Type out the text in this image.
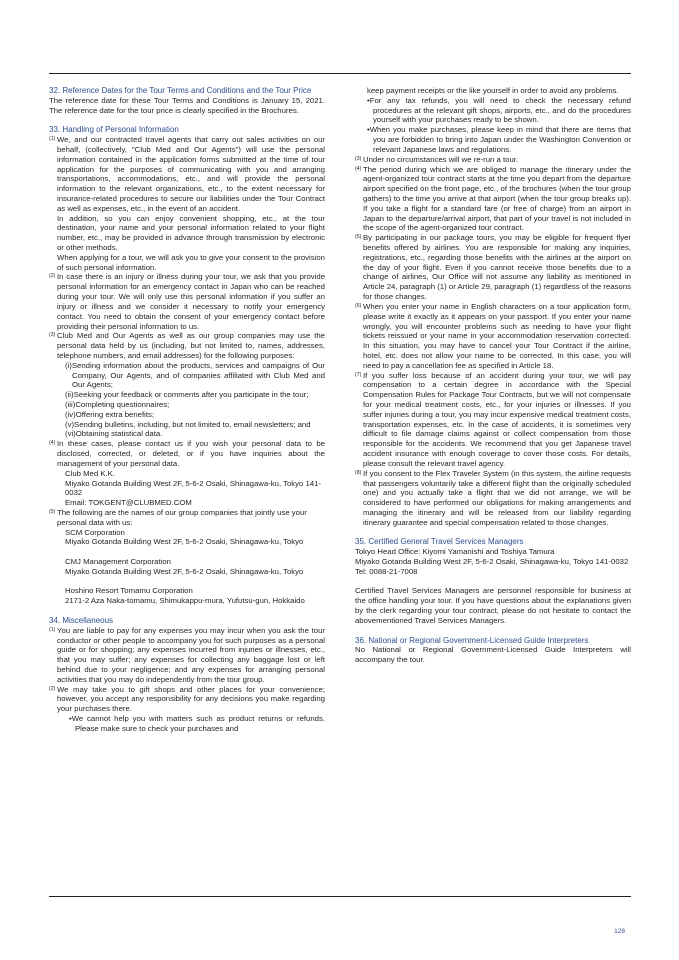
32. Reference Dates for the Tour Terms and Conditions and the Tour Price

The reference date for these Tour Terms and Conditions is January 15, 2021. The reference date for the tour price is clearly specified in the Brochures.

33. Handling of Personal Information
(1) We, and our contracted travel agents that carry out sales activities on our behalf, (collectively, "Club Med and Our Agents") will use the personal information contained in the application forms submitted at the time of tour application for the purposes of communicating with you and arranging transportations, accommodations, etc., and will provide the personal information to the relevant organizations, etc., to the extent necessary for insurance-related procedures to secure our liabilities under the Tour Contract as well as expenses, etc., in the event of an accident.

In addition, so you can enjoy convenient shopping, etc., at the tour destination, your name and your personal information related to your flight number, etc., may be provided in advance through transmission by electronic or other methods.

When applying for a tour, we will ask you to give your consent to the provision of such personal information.

(2) In case there is an injury or illness during your tour, we ask that you provide personal information for an emergency contact in Japan who can be reached during your tour. We will only use this personal information if you suffer an injury or illness and we consider it necessary to notify your emergency contact. You need to obtain the consent of your emergency contact before providing their personal information to us.

(3) Club Med and Our Agents as well as our group companies may use the personal data held by us (including, but not limited to, names, addresses, telephone numbers, and email addresses) for the following purposes:

(i)Sending information about the products, services and campaigns of Our Company, Our Agents, and of companies affiliated with Club Med and Our Agents;
(ii)Seeking your feedback or comments after you participate in the tour;
(iii)Completing questionnaires;
(iv)Offering extra benefits;
(v)Sending bulletins, including, but not limited to, email newsletters; and
(vi)Obtaining statistical data.
(4) In these cases, please contact us if you wish your personal data to be disclosed, corrected, or deleted, or if you have inquiries about the management of your personal data.

Club Med K.K.
Miyako Gotanda Building West 2F, 5-6-2 Osaki, Shinagawa-ku, Tokyo 141-0032
Email: TOKGENT@CLUBMED.COM
(5) The following are the names of our group companies that jointly use your personal data with us:

SCM Corporation
Miyako Gotanda Building West 2F, 5-6-2 Osaki, Shinagawa-ku, Tokyo
CMJ Management Corporation
Miyako Gotanda Building West 2F, 5-6-2 Osaki, Shinagawa-ku, Tokyo
Hoshino Resort Tomamu Corporation
2171-2 Aza Naka-tomamu, Shimukappu-mura, Yufutsu-gun, Hokkaido
34. Miscellaneous
(1) You are liable to pay for any expenses you may incur when you ask the tour conductor or other people to accompany you for such purposes as a personal guide or for shopping; any expenses incurred from injuries or illnesses, etc., that you may suffer; any expenses for collecting any baggage lost or left behind due to your negligence; and any expenses for arranging personal activities that you may do independently from the tour group.

(2) We may take you to gift shops and other places for your convenience; however, you accept any responsibility for any decisions you make regarding your purchases there.

•We cannot help you with matters such as product returns or refunds. Please make sure to check your purchases and
keep payment receipts or the like yourself in order to avoid any problems.
•For any tax refunds, you will need to check the necessary refund procedures at the relevant gift shops, airports, etc., and do the procedures yourself with your purchases ready to be shown.
•When you make purchases, please keep in mind that there are items that you are forbidden to bring into Japan under the Washington Convention or relevant Japanese laws and regulations.
(3) Under no circumstances will we re-run a tour.

(4) The period during which we are obliged to manage the itinerary under the agent-organized tour contract starts at the time you depart from the departure airport specified on the front page, etc., of the brochures (when the tour group gathers) to the time you arrive at that airport (when the tour group breaks up). If you take a flight for a standard fare (or free of charge) from an airport in Japan to the departure/arrival airport, that part of your travel is not included in the scope of the agent-organized tour contract.

(5) By participating in our package tours, you may be eligible for frequent flyer benefits offered by airlines. You are responsible for making any inquiries, registrations, etc., regarding those benefits with the airlines at the airport on the day of your flight. Even if you cannot receive those benefits due to a change of airlines, Our Office will not assume any liability as mentioned in Article 24, paragraph (1) or Article 29, paragraph (1) regardless of the reasons for those changes.

(6) When you enter your name in English characters on a tour application form, please write it exactly as it appears on your passport. If you enter your name wrongly, you will encounter problems such as needing to have your flight tickets reissued or your name in your accommodation reservation corrected. In this situation, you may have to cancel your Tour Contract if the airline, hotel, etc. does not allow your name to be corrected. In this case, you will need to pay a cancellation fee as specified in Article 18.

(7) If you suffer loss because of an accident during your tour, we will pay compensation to a certain degree in accordance with the Special Compensation Rules for Package Tour Contracts, but we will not compensate for your medical treatment costs, etc., for your injuries or illnesses. If you suffer injuries during a tour, you may incur expensive medical treatment costs, transportation expenses, etc. In the case of accidents, it is sometimes very difficult to file damage claims against or collect compensation from those responsible for the accidents. We recommend that you get Japanese travel accident insurance with enough coverage to cover those costs. For details, please consult the relevant travel agency.

(8) If you consent to the Flex Traveler System (in this system, the airline requests that passengers voluntarily take a different flight than the originally scheduled one) and you actually take a flight that we did not arrange, we will be considered to have performed our obligations for making arrangements and managing the itinerary and will be released from our liability regarding itinerary guarantee and special compensation related to those changes.

35. Certified General Travel Services Managers
Tokyo Head Office: Kiyomi Yamanishi and Toshiya Tamura
Miyako Gotanda Building West 2F, 5-6-2 Osaki, Shinagawa-ku, Tokyo 141-0032
Tel: 0088-21-7008

Certified Travel Services Managers are personnel responsible for business at the office handling your tour. If you have questions about the explanations given by the clerk regarding your tour contract, please do not hesitate to contact the abovementioned Travel Services Managers.

36. National or Regional Government-Licensed Guide Interpreters

No National or Regional Government-Licensed Guide Interpreters will accompany the tour.

128
